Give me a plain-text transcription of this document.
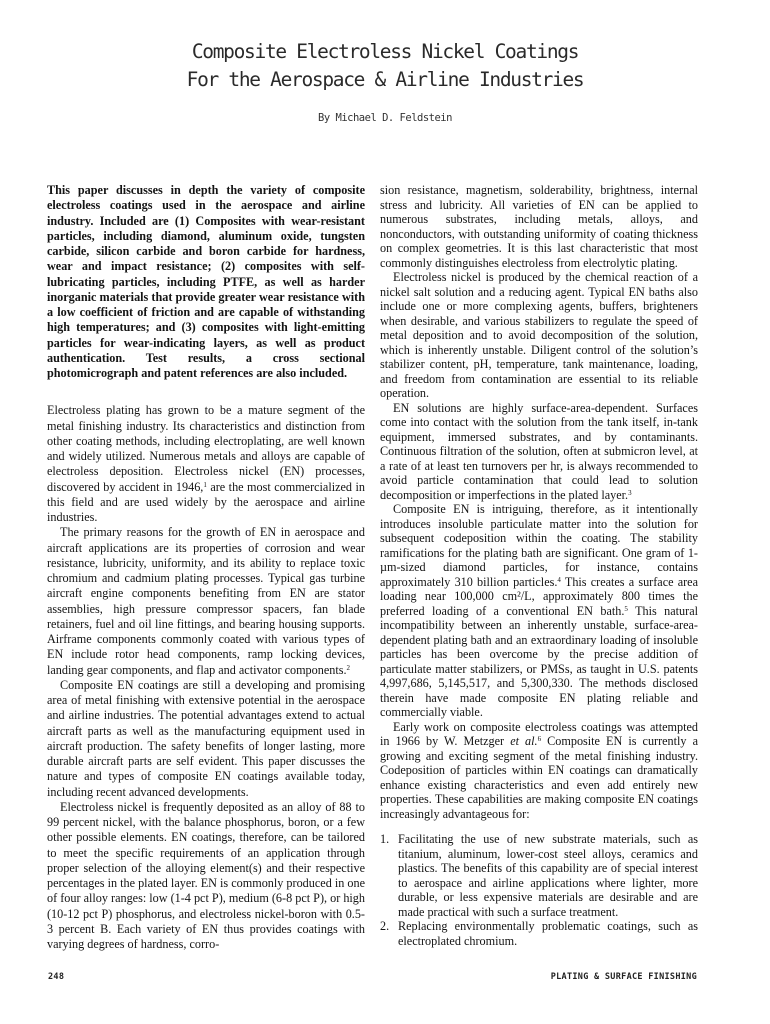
Composite Electroless Nickel Coatings
For the Aerospace & Airline Industries
By Michael D. Feldstein

This paper discusses in depth the variety of composite electroless coatings used in the aerospace and airline industry. Included are (1) Composites with wear-resistant particles, including diamond, aluminum oxide, tungsten carbide, silicon carbide and boron carbide for hardness, wear and impact resistance; (2) composites with self-lubricating particles, including PTFE, as well as harder inorganic materials that provide greater wear resistance with a low coefficient of friction and are capable of withstanding high temperatures; and (3) composites with light-emitting particles for wear-indicating layers, as well as product authentication. Test results, a cross sectional photomicrograph and patent references are also included.

Electroless plating has grown to be a mature segment of the metal finishing industry. Its characteristics and distinction from other coating methods, including electroplating, are well known and widely utilized. Numerous metals and alloys are capable of electroless deposition. Electroless nickel (EN) processes, discovered by accident in 1946,$^1$ are the most commercialized in this field and are used widely by the aerospace and airline industries.

The primary reasons for the growth of EN in aerospace and aircraft applications are its properties of corrosion and wear resistance, lubricity, uniformity, and its ability to replace toxic chromium and cadmium plating processes. Typical gas turbine aircraft engine components benefiting from EN are stator assemblies, high pressure compressor spacers, fan blade retainers, fuel and oil line fittings, and bearing housing supports. Airframe components commonly coated with various types of EN include rotor head components, ramp locking devices, landing gear components, and flap and activator components.$^2$

Composite EN coatings are still a developing and promising area of metal finishing with extensive potential in the aerospace and airline industries. The potential advantages extend to actual aircraft parts as well as the manufacturing equipment used in aircraft production. The safety benefits of longer lasting, more durable aircraft parts are self evident. This paper discusses the nature and types of composite EN coatings available today, including recent advanced developments.

Electroless nickel is frequently deposited as an alloy of 88 to 99 percent nickel, with the balance phosphorus, boron, or a few other possible elements. EN coatings, therefore, can be tailored to meet the specific requirements of an application through proper selection of the alloying element(s) and their respective percentages in the plated layer. EN is commonly produced in one of four alloy ranges: low (1-4 pct P), medium (6-8 pct P), or high (10-12 pct P) phosphorus, and electroless nickel-boron with 0.5-3 percent B. Each variety of EN thus provides coatings with varying degrees of hardness, corro-

sion resistance, magnetism, solderability, brightness, internal stress and lubricity. All varieties of EN can be applied to numerous substrates, including metals, alloys, and nonconductors, with outstanding uniformity of coating thickness on complex geometries. It is this last characteristic that most commonly distinguishes electroless from electrolytic plating.

Electroless nickel is produced by the chemical reaction of a nickel salt solution and a reducing agent. Typical EN baths also include one or more complexing agents, buffers, brighteners when desirable, and various stabilizers to regulate the speed of metal deposition and to avoid decomposition of the solution, which is inherently unstable. Diligent control of the solution’s stabilizer content, pH, temperature, tank maintenance, loading, and freedom from contamination are essential to its reliable operation.

EN solutions are highly surface-area-dependent. Surfaces come into contact with the solution from the tank itself, in-tank equipment, immersed substrates, and by contaminants. Continuous filtration of the solution, often at submicron level, at a rate of at least ten turnovers per hr, is always recommended to avoid particle contamination that could lead to solution decomposition or imperfections in the plated layer.$^3$

Composite EN is intriguing, therefore, as it intentionally introduces insoluble particulate matter into the solution for subsequent codeposition within the coating. The stability ramifications for the plating bath are significant. One gram of 1-µm-sized diamond particles, for instance, contains approximately 310 billion particles.$^4$ This creates a surface area loading near 100,000 cm²/L, approximately 800 times the preferred loading of a conventional EN bath.$^5$ This natural incompatibility between an inherently unstable, surface-area-dependent plating bath and an extraordinary loading of insoluble particles has been overcome by the precise addition of particulate matter stabilizers, or PMSs, as taught in U.S. patents 4,997,686, 5,145,517, and 5,300,330. The methods disclosed therein have made composite EN plating reliable and commercially viable.

Early work on composite electroless coatings was attempted in 1966 by W. Metzger et al.$^6$ Composite EN is currently a growing and exciting segment of the metal finishing industry. Codeposition of particles within EN coatings can dramatically enhance existing characteristics and even add entirely new properties. These capabilities are making composite EN coatings increasingly advantageous for:

1. Facilitating the use of new substrate materials, such as titanium, aluminum, lower-cost steel alloys, ceramics and plastics. The benefits of this capability are of special interest to aerospace and airline applications where lighter, more durable, or less expensive materials are desirable and are made practical with such a surface treatment.
2. Replacing environmentally problematic coatings, such as electroplated chromium.
248	PLATING & SURFACE FINISHING
